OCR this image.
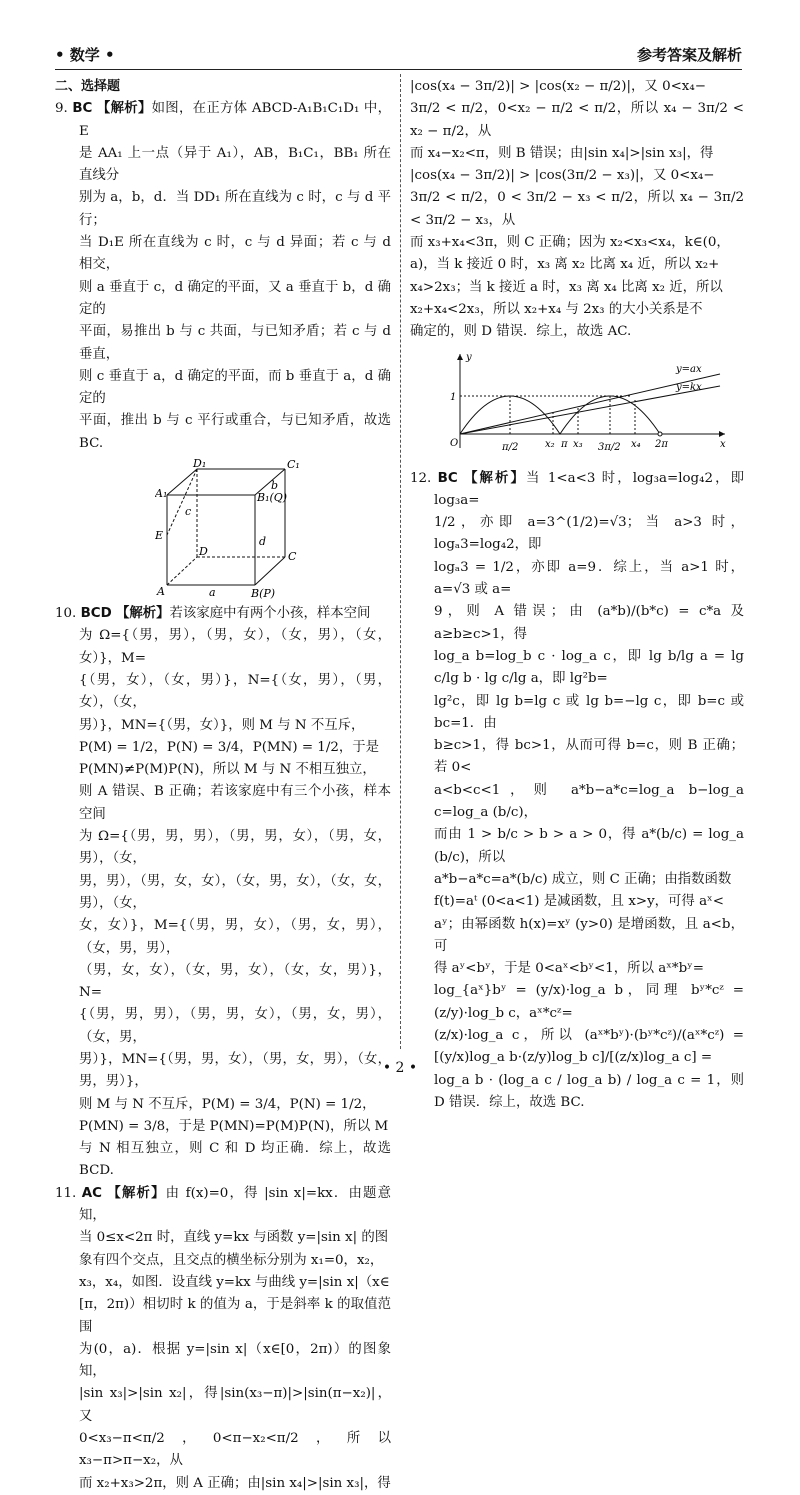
• 数学 •	参考答案及解析

二、选择题

9. BC 【解析】如图，在正方体 ABCD-A₁B₁C₁D₁ 中，E

是 AA₁ 上一点（异于 A₁），AB，B₁C₁，BB₁ 所在直线分

别为 a，b，d．当 DD₁ 所在直线为 c 时，c 与 d 平行；

当 D₁E 所在直线为 c 时，c 与 d 异面；若 c 与 d 相交，

则 a 垂直于 c，d 确定的平面，又 a 垂直于 b，d 确定的

平面，易推出 b 与 c 共面，与已知矛盾；若 c 与 d 垂直，

则 c 垂直于 a，d 确定的平面，而 b 垂直于 a，d 确定的

平面，推出 b 与 c 平行或重合，与已知矛盾，故选 BC.

D₁	C₁
A₁	B₁(Q)
E
D	C
A	B(P)
a
b
c
d

10. BCD 【解析】若该家庭中有两个小孩，样本空间

为 Ω={（男，男），（男，女），（女，男），（女，女）}，M=

{（男，女），（女，男）}，N={（女，男），（男，女），（女，

男）}，MN={（男，女）}，则 M 与 N 不互斥，

P(M) = 1/2，P(N) = 3/4，P(MN) = 1/2，于是

P(MN)≠P(M)P(N)，所以 M 与 N 不相互独立，

则 A 错误、B 正确；若该家庭中有三个小孩，样本空间

为 Ω={（男，男，男），（男，男，女），（男，女，男），（女，

男，男），（男，女，女），（女，男，女），（女，女，男），（女，

女，女）}，M={（男，男，女），（男，女，男），（女，男，男），

（男，女，女），（女，男，女），（女，女，男）}，N=

{（男，男，男），（男，男，女），（男，女，男），（女，男，

男）}，MN={（男，男，女），（男，女，男），（女，男，男）}，

则 M 与 N 不互斥，P(M) = 3/4，P(N) = 1/2，

P(MN) = 3/8，于是 P(MN)=P(M)P(N)，所以 M

与 N 相互独立，则 C 和 D 均正确．综上，故选 BCD.

11. AC 【解析】由 f(x)=0，得 |sin x|=kx．由题意知，

当 0≤x<2π 时，直线 y=kx 与函数 y=|sin x| 的图

象有四个交点，且交点的横坐标分别为 x₁=0，x₂，

x₃，x₄，如图．设直线 y=kx 与曲线 y=|sin x|（x∈

[π，2π)）相切时 k 的值为 a，于是斜率 k 的取值范围

为(0，a)．根据 y=|sin x|（x∈[0，2π)）的图象知，

|sin x₃|>|sin x₂|，得|sin(x₃−π)|>|sin(π−x₂)|，又

0<x₃−π<π/2，0<π−x₂<π/2，所以 x₃−π>π−x₂，从

而 x₂+x₃>2π，则 A 正确；由|sin x₄|>|sin x₃|，得

|cos(x₄ − 3π/2)| > |cos(x₂ − π/2)|，又 0<x₄−

3π/2 < π/2，0<x₂ − π/2 < π/2，所以 x₄ − 3π/2 < x₂ − π/2，从

而 x₄−x₂<π，则 B 错误；由|sin x₄|>|sin x₃|，得

|cos(x₄ − 3π/2)| > |cos(3π/2 − x₃)|，又 0<x₄−

3π/2 < π/2，0 < 3π/2 − x₃ < π/2，所以 x₄ − 3π/2 < 3π/2 − x₃，从

而 x₃+x₄<3π，则 C 正确；因为 x₂<x₃<x₄，k∈(0，

a)，当 k 接近 0 时，x₃ 离 x₂ 比离 x₄ 近，所以 x₂+

x₄>2x₃；当 k 接近 a 时，x₃ 离 x₄ 比离 x₂ 近，所以

x₂+x₄<2x₃，所以 x₂+x₄ 与 2x₃ 的大小关系是不

确定的，则 D 错误．综上，故选 AC.

y
x
O
1
π/2	x₂ π x₃ 3π/2 x₄ 2π
y=ax
y=kx

12. BC 【解析】当 1<a<3 时，log₃a=log₄2，即 log₃a=

1/2，亦即 a=3^(1/2)=√3；当 a>3 时，logₐ3=log₄2，即

logₐ3 = 1/2，亦即 a=9．综上，当 a>1 时，a=√3 或 a=

9，则 A 错误；由 (a*b)/(b*c) = c*a 及 a≥b≥c>1，得

log_a b=log_b c · log_a c，即 lg b/lg a = lg c/lg b · lg c/lg a，即 lg²b=

lg²c，即 lg b=lg c 或 lg b=−lg c，即 b=c 或 bc=1．由

b≥c>1，得 bc>1，从而可得 b=c，则 B 正确；若 0<

a<b<c<1，则 a*b−a*c=log_a b−log_a c=log_a (b/c)，

而由 1 > b/c > b > a > 0，得 a*(b/c) = log_a (b/c)，所以

a*b−a*c=a*(b/c) 成立，则 C 正确；由指数函数

f(t)=aᵗ (0<a<1) 是减函数，且 x>y，可得 aˣ<

aʸ；由幂函数 h(x)=xʸ (y>0) 是增函数，且 a<b，可

得 aʸ<bʸ，于是 0<aˣ<bʸ<1，所以 aˣ*bʸ=

log_{aˣ}bʸ = (y/x)·log_a b，同理 bʸ*cᶻ = (z/y)·log_b c，aˣ*cᶻ=

(z/x)·log_a c，所以 (aˣ*bʸ)·(bʸ*cᶻ)/(aˣ*cᶻ) = [(y/x)log_a b·(z/y)log_b c]/[(z/x)log_a c] =

log_a b · (log_a c / log_a b) / log_a c = 1，则 D 错误．综上，故选 BC.

• 2 •
